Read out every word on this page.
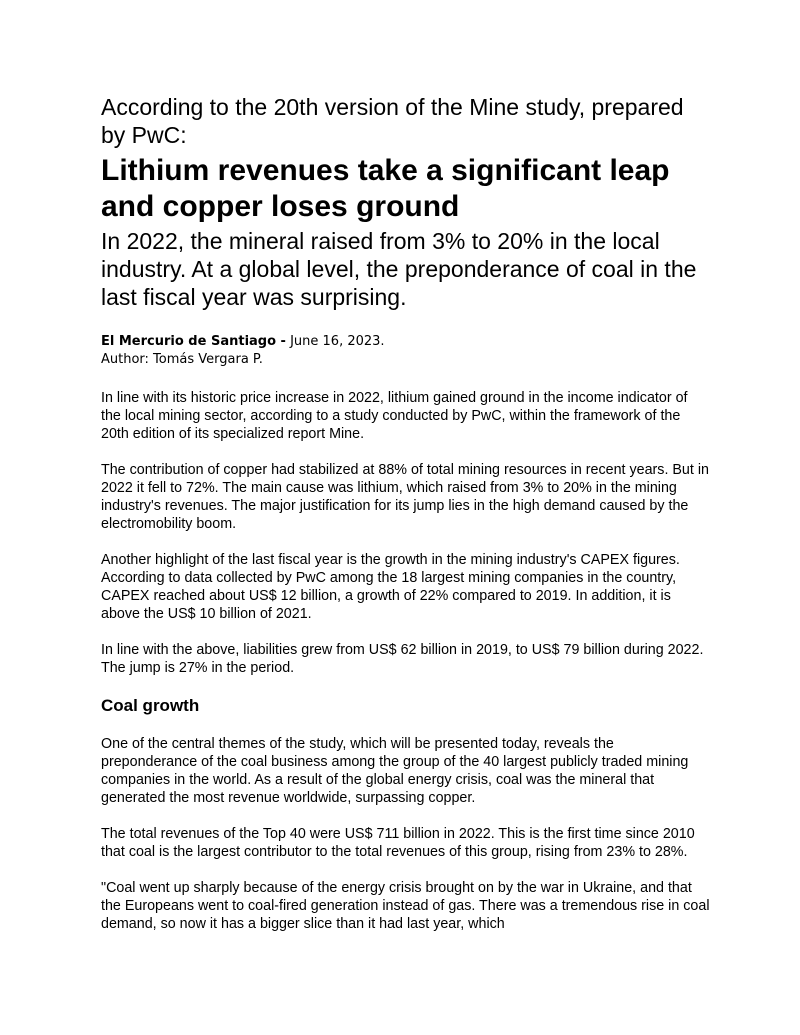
According to the 20th version of the Mine study, prepared by PwC:
Lithium revenues take a significant leap and copper loses ground
In 2022, the mineral raised from 3% to 20% in the local industry. At a global level, the preponderance of coal in the last fiscal year was surprising.
El Mercurio de Santiago - June 16, 2023.
Author: Tomás Vergara P.

In line with its historic price increase in 2022, lithium gained ground in the income indicator of the local mining sector, according to a study conducted by PwC, within the framework of the 20th edition of its specialized report Mine.

The contribution of copper had stabilized at 88% of total mining resources in recent years. But in 2022 it fell to 72%. The main cause was lithium, which raised from 3% to 20% in the mining industry's revenues. The major justification for its jump lies in the high demand caused by the electromobility boom.

Another highlight of the last fiscal year is the growth in the mining industry's CAPEX figures. According to data collected by PwC among the 18 largest mining companies in the country, CAPEX reached about US$ 12 billion, a growth of 22% compared to 2019. In addition, it is above the US$ 10 billion of 2021.

In line with the above, liabilities grew from US$ 62 billion in 2019, to US$ 79 billion during 2022. The jump is 27% in the period.

Coal growth

One of the central themes of the study, which will be presented today, reveals the preponderance of the coal business among the group of the 40 largest publicly traded mining companies in the world. As a result of the global energy crisis, coal was the mineral that generated the most revenue worldwide, surpassing copper.

The total revenues of the Top 40 were US$ 711 billion in 2022. This is the first time since 2010 that coal is the largest contributor to the total revenues of this group, rising from 23% to 28%.

"Coal went up sharply because of the energy crisis brought on by the war in Ukraine, and that the Europeans went to coal-fired generation instead of gas. There was a tremendous rise in coal demand, so now it has a bigger slice than it had last year, which
